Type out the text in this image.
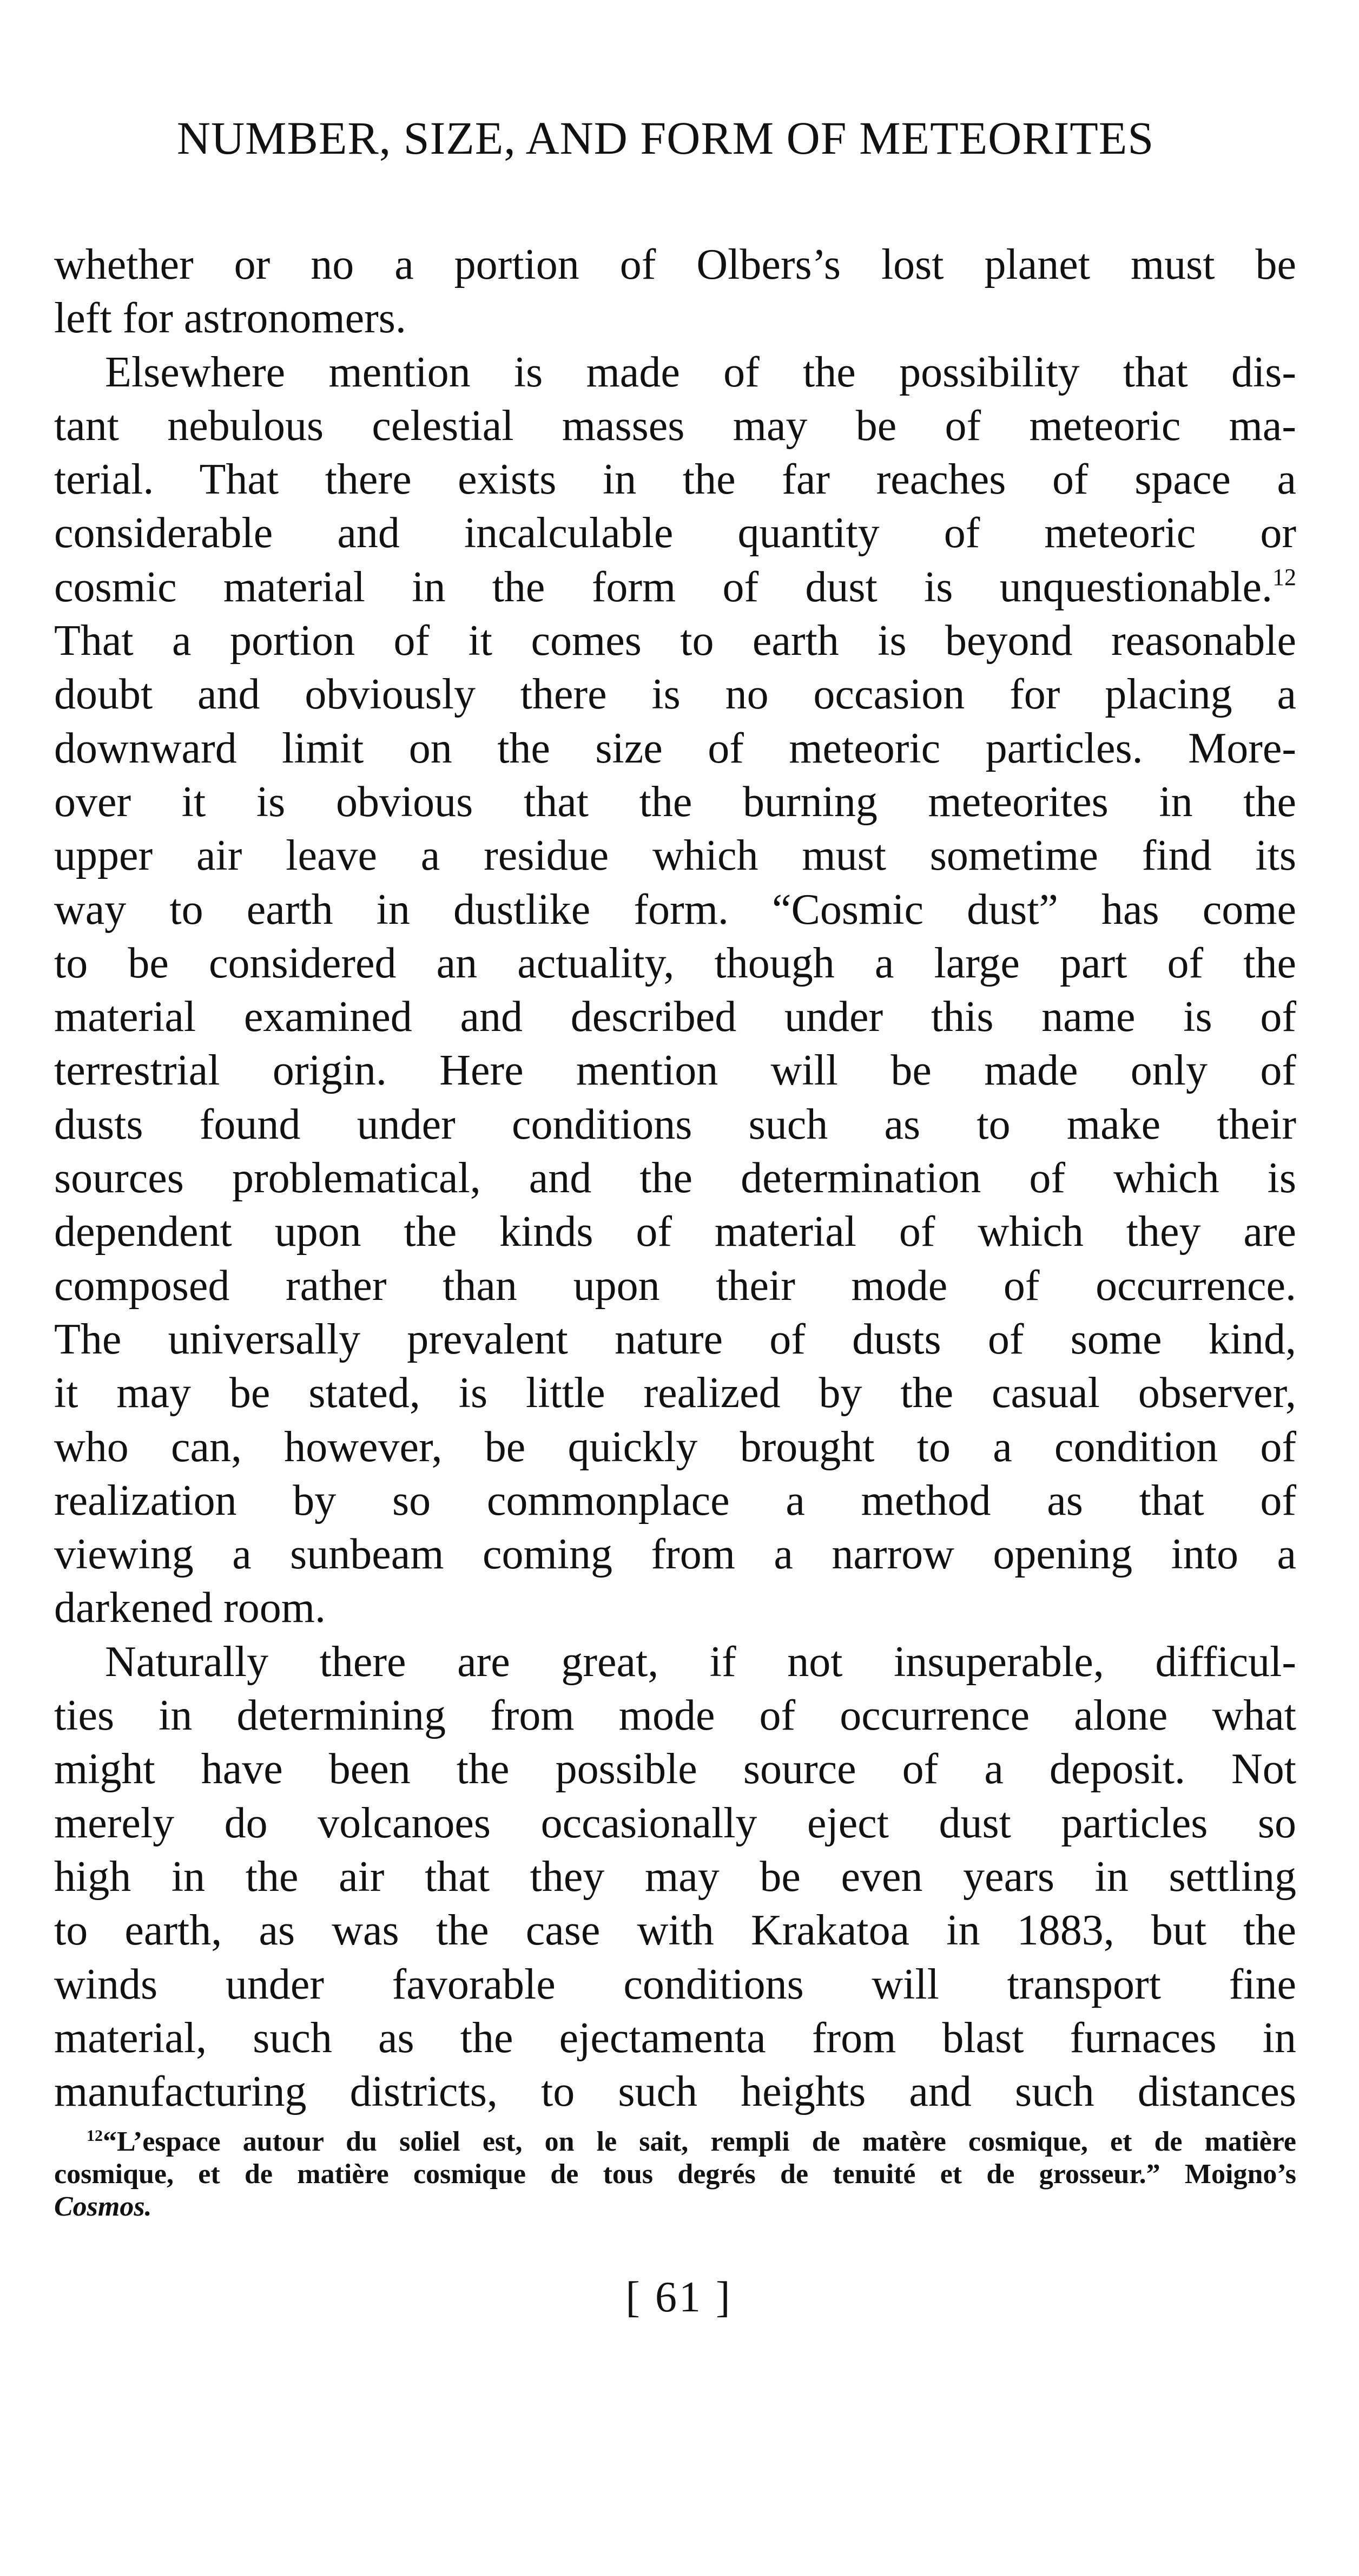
NUMBER, SIZE, AND FORM OF METEORITES
whether or no a portion of Olbers’s lost planet must be
left for astronomers.
Elsewhere mention is made of the possibility that dis-
tant nebulous celestial masses may be of meteoric ma-
terial. That there exists in the far reaches of space a
considerable and incalculable quantity of meteoric or
cosmic material in the form of dust is unquestionable.$^{12}$
That a portion of it comes to earth is beyond reasonable
doubt and obviously there is no occasion for placing a
downward limit on the size of meteoric particles. More-
over it is obvious that the burning meteorites in the
upper air leave a residue which must sometime find its
way to earth in dustlike form. “Cosmic dust” has come
to be considered an actuality, though a large part of the
material examined and described under this name is of
terrestrial origin. Here mention will be made only of
dusts found under conditions such as to make their
sources problematical, and the determination of which is
dependent upon the kinds of material of which they are
composed rather than upon their mode of occurrence.
The universally prevalent nature of dusts of some kind,
it may be stated, is little realized by the casual observer,
who can, however, be quickly brought to a condition of
realization by so commonplace a method as that of
viewing a sunbeam coming from a narrow opening into a
darkened room.
Naturally there are great, if not insuperable, difficul-
ties in determining from mode of occurrence alone what
might have been the possible source of a deposit. Not
merely do volcanoes occasionally eject dust particles so
high in the air that they may be even years in settling
to earth, as was the case with Krakatoa in 1883, but the
winds under favorable conditions will transport fine
material, such as the ejectamenta from blast furnaces in
manufacturing districts, to such heights and such distances
$^{12}$“L’espace autour du soliel est, on le sait, rempli de matère cosmique, et de matière
cosmique, et de matière cosmique de tous degrés de tenuité et de grosseur.” Moigno’s
Cosmos.
[ 61 ]
